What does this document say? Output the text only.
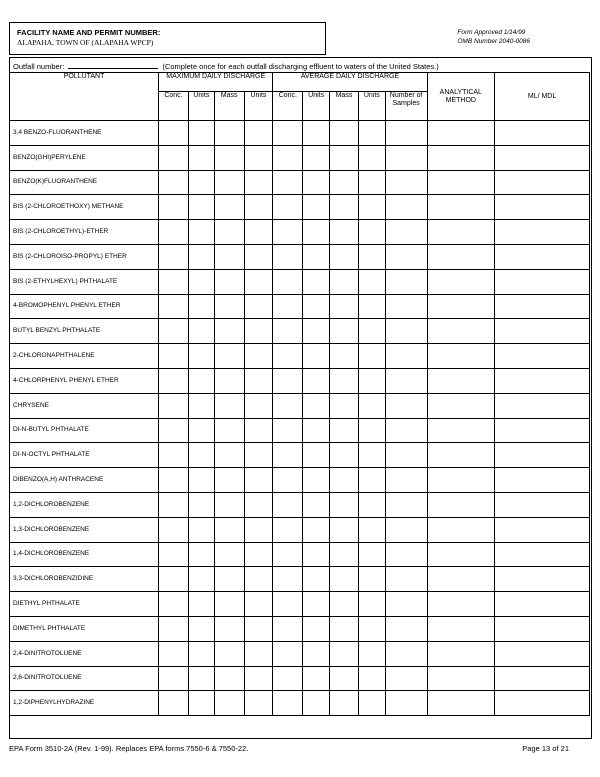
FACILITY NAME AND PERMIT NUMBER:
ALAPAHA, TOWN OF (ALAPAHA WPCP)
Form Approved 1/14/99
OMB Number 2040-0086
Outfall number:	(Complete once for each outfall discharging effluent to waters of the United States.)
POLLUTANT	MAXIMUM DAILY DISCHARGE				AVERAGE DAILY DISCHARGE					ANALYTICAL METHOD	ML/ MDL
	Conc.	Units	Mass	Units	Conc.	Units	Mass	Units	Number of Samples		
3,4 BENZO-FLUORANTHENE											
BENZO(GHI)PERYLENE											
BENZO(K)FLUORANTHENE											
BIS (2-CHLOROETHOXY) METHANE											
BIS (2-CHLOROETHYL)-ETHER											
BIS (2-CHLOROISO-PROPYL) ETHER											
BIS (2-ETHYLHEXYL) PHTHALATE											
4-BROMOPHENYL PHENYL ETHER											
BUTYL BENZYL PHTHALATE											
2-CHLORONAPHTHALENE											
4-CHLORPHENYL PHENYL ETHER											
CHRYSENE											
DI-N-BUTYL PHTHALATE											
DI-N-OCTYL PHTHALATE											
DIBENZO(A,H) ANTHRACENE											
1,2-DICHLOROBENZENE											
1,3-DICHLOROBENZENE											
1,4-DICHLOROBENZENE											
3,3-DICHLOROBENZIDINE											
DIETHYL PHTHALATE											
DIMETHYL PHTHALATE											
2,4-DINITROTOLUENE											
2,6-DINITROTOLUENE											
1,2-DIPHENYLHYDRAZINE											
EPA Form 3510-2A (Rev. 1-99). Replaces EPA forms 7550-6 & 7550-22.	Page 13 of 21
